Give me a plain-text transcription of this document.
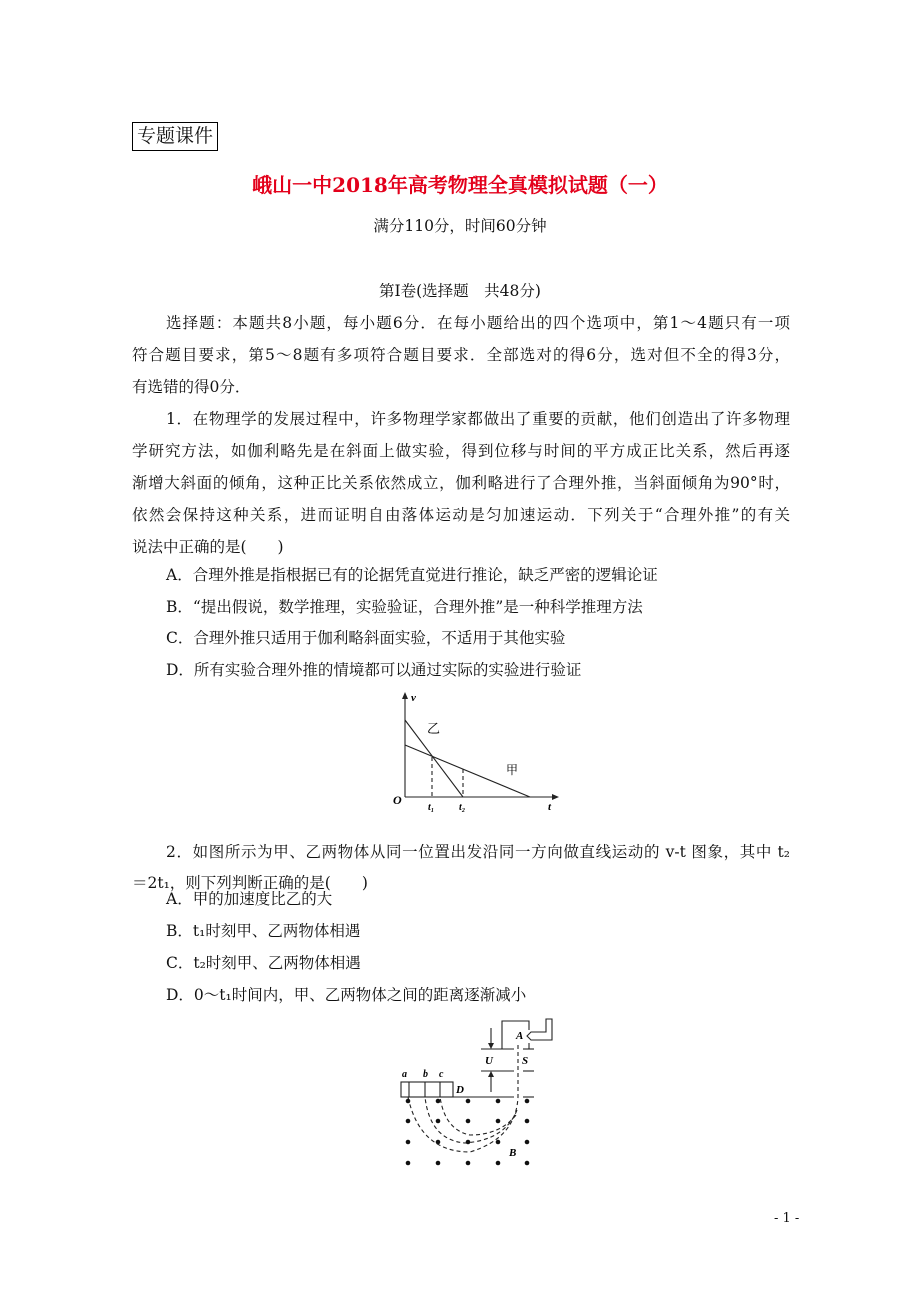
专题课件
峨山一中2018年高考物理全真模拟试题（一）
满分110分，时间60分钟
第Ⅰ卷(选择题　共48分)
选择题：本题共8小题，每小题6分．在每小题给出的四个选项中，第1～4题只有一项
符合题目要求，第5～8题有多项符合题目要求．全部选对的得6分，选对但不全的得3分，
有选错的得0分．
1．在物理学的发展过程中，许多物理学家都做出了重要的贡献，他们创造出了许多物理
学研究方法，如伽利略先是在斜面上做实验，得到位移与时间的平方成正比关系，然后再逐
渐增大斜面的倾角，这种正比关系依然成立，伽利略进行了合理外推，当斜面倾角为90°时，
依然会保持这种关系，进而证明自由落体运动是匀加速运动．下列关于“合理外推”的有关
说法中正确的是(　　)
A．合理外推是指根据已有的论据凭直觉进行推论，缺乏严密的逻辑论证
B．“提出假说，数学推理，实验验证，合理外推”是一种科学推理方法
C．合理外推只适用于伽利略斜面实验，不适用于其他实验
D．所有实验合理外推的情境都可以通过实际的实验进行验证
v
t
O
t₁ t₂
乙
甲
2．如图所示为甲、乙两物体从同一位置出发沿同一方向做直线运动的 v-t 图象，其中 t₂
＝2t₁，则下列判断正确的是(　　)
A．甲的加速度比乙的大
B．t₁时刻甲、乙两物体相遇
C．t₂时刻甲、乙两物体相遇
D．0～t₁时间内，甲、乙两物体之间的距离逐渐减小
a b c
D
A
U	S
B
- 1 -
